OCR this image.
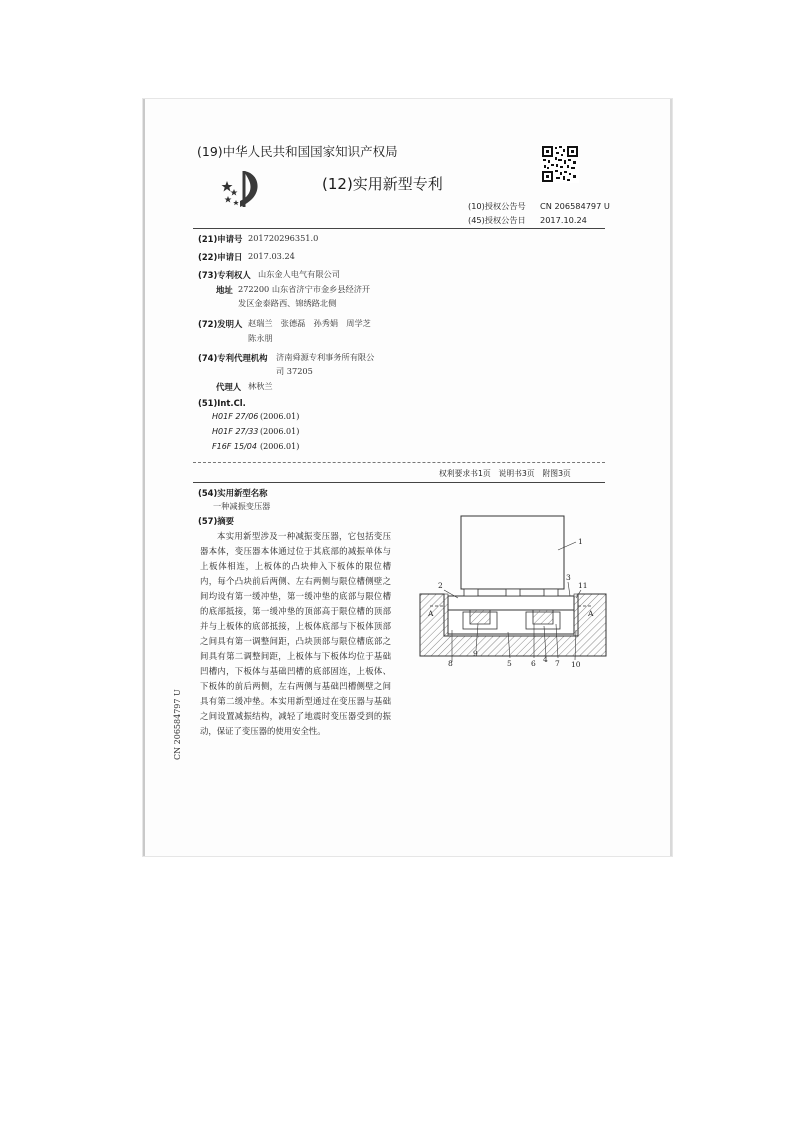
(19)中华人民共和国国家知识产权局
(12)实用新型专利
(10)授权公告号 CN 206584797 U
(45)授权公告日 2017.10.24
(21)申请号 201720296351.0
(22)申请日 2017.03.24
(73)专利权人 山东金人电气有限公司
地址 272200 山东省济宁市金乡县经济开
发区金泰路西、锦绣路北侧
(72)发明人 赵瑞兰　张德磊　孙秀娟　周学芝
陈永朋
(74)专利代理机构 济南舜源专利事务所有限公
司 37205
代理人 林秋兰
(51)Int.Cl.
H01F 27/06 (2006.01)
H01F 27/33 (2006.01)
F16F 15/04 (2006.01)
权利要求书1页　说明书3页　附图3页
(54)实用新型名称
一种减振变压器
(57)摘要
本实用新型涉及一种减振变压器，它包括变压器本体，变压器本体通过位于其底部的减振单体与上板体相连，上板体的凸块伸入下板体的限位槽内，每个凸块前后两侧、左右两侧与限位槽侧壁之间均设有第一缓冲垫，第一缓冲垫的底部与限位槽的底部抵接，第一缓冲垫的顶部高于限位槽的顶部并与上板体的底部抵接，上板体底部与下板体顶部之间具有第一调整间距，凸块顶部与限位槽底部之间具有第二调整间距，上板体与下板体均位于基础凹槽内，下板体与基础凹槽的底部固连，上板体、下板体的前后两侧，左右两侧与基础凹槽侧壁之间具有第二缓冲垫。本实用新型通过在变压器与基础之间设置减振结构，减轻了地震时变压器受到的振动，保证了变压器的使用安全性。
CN 206584797 U
1
2
3
A	A
11
8
9
5	6 4 7 10
